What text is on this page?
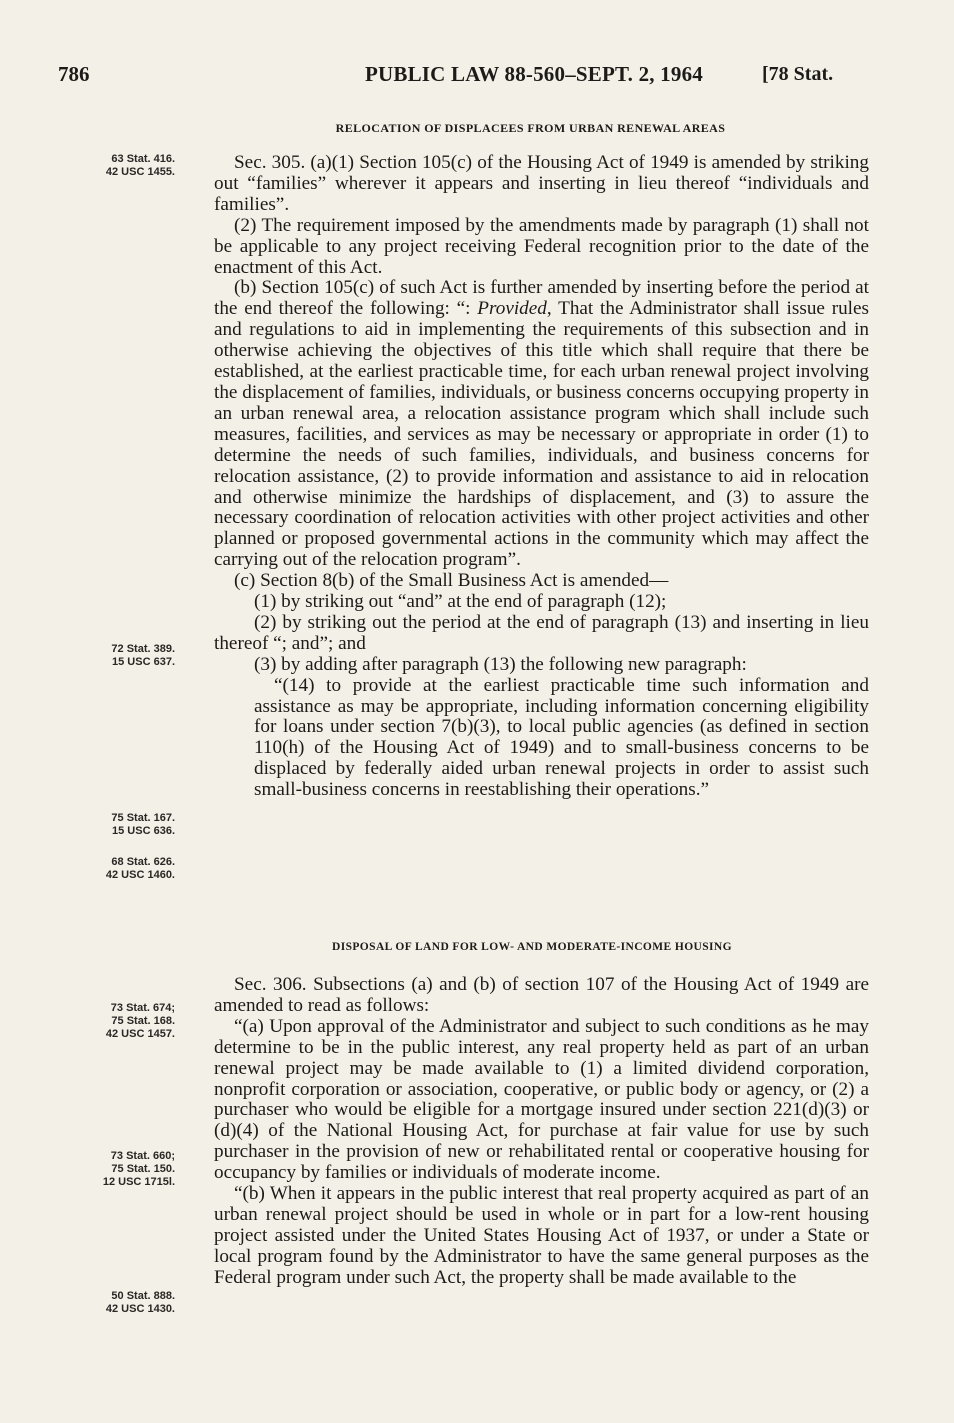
786	PUBLIC LAW 88-560–SEPT. 2, 1964	[78 Stat.
RELOCATION OF DISPLACEES FROM URBAN RENEWAL AREAS
63 Stat. 416.
42 USC 1455.
72 Stat. 389.
15 USC 637.
75 Stat. 167.
15 USC 636.
68 Stat. 626.
42 USC 1460.
73 Stat. 674;
75 Stat. 168.
42 USC 1457.
73 Stat. 660;
75 Stat. 150.
12 USC 1715l.
50 Stat. 888.
42 USC 1430.

Sec. 305. (a)(1) Section 105(c) of the Housing Act of 1949 is amended by striking out “families” wherever it appears and inserting in lieu thereof “individuals and families”.

(2) The requirement imposed by the amendments made by paragraph (1) shall not be applicable to any project receiving Federal recognition prior to the date of the enactment of this Act.

(b) Section 105(c) of such Act is further amended by inserting before the period at the end thereof the following: “: Provided, That the Administrator shall issue rules and regulations to aid in implementing the requirements of this subsection and in otherwise achieving the objectives of this title which shall require that there be established, at the earliest practicable time, for each urban renewal project involving the displacement of families, individuals, or business concerns occupying property in an urban renewal area, a relocation assistance program which shall include such measures, facilities, and services as may be necessary or appropriate in order (1) to determine the needs of such families, individuals, and business concerns for relocation assistance, (2) to provide information and assistance to aid in relocation and otherwise minimize the hardships of displacement, and (3) to assure the necessary coordination of relocation activities with other project activities and other planned or proposed governmental actions in the community which may affect the carrying out of the relocation program”.

(c) Section 8(b) of the Small Business Act is amended—

(1) by striking out “and” at the end of paragraph (12);

(2) by striking out the period at the end of paragraph (13) and inserting in lieu thereof “; and”; and

(3) by adding after paragraph (13) the following new paragraph:

“(14) to provide at the earliest practicable time such information and assistance as may be appropriate, including information concerning eligibility for loans under section 7(b)(3), to local public agencies (as defined in section 110(h) of the Housing Act of 1949) and to small-business concerns to be displaced by federally aided urban renewal projects in order to assist such small-business concerns in reestablishing their operations.”

DISPOSAL OF LAND FOR LOW- AND MODERATE-INCOME HOUSING

Sec. 306. Subsections (a) and (b) of section 107 of the Housing Act of 1949 are amended to read as follows:

“(a) Upon approval of the Administrator and subject to such conditions as he may determine to be in the public interest, any real property held as part of an urban renewal project may be made available to (1) a limited dividend corporation, nonprofit corporation or association, cooperative, or public body or agency, or (2) a purchaser who would be eligible for a mortgage insured under section 221(d)(3) or (d)(4) of the National Housing Act, for purchase at fair value for use by such purchaser in the provision of new or rehabilitated rental or cooperative housing for occupancy by families or individuals of moderate income.

“(b) When it appears in the public interest that real property acquired as part of an urban renewal project should be used in whole or in part for a low-rent housing project assisted under the United States Housing Act of 1937, or under a State or local program found by the Administrator to have the same general purposes as the Federal program under such Act, the property shall be made available to the
